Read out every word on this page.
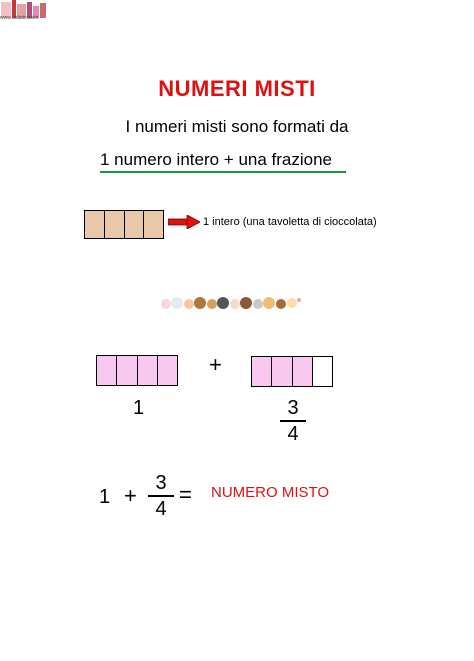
www.didatticasite
NUMERI MISTI
I numeri misti sono formati da
1 numero intero + una frazione
1 intero (una tavoletta di cioccolata)
+
1	3
4
1 + 3
4
= NUMERO MISTO
